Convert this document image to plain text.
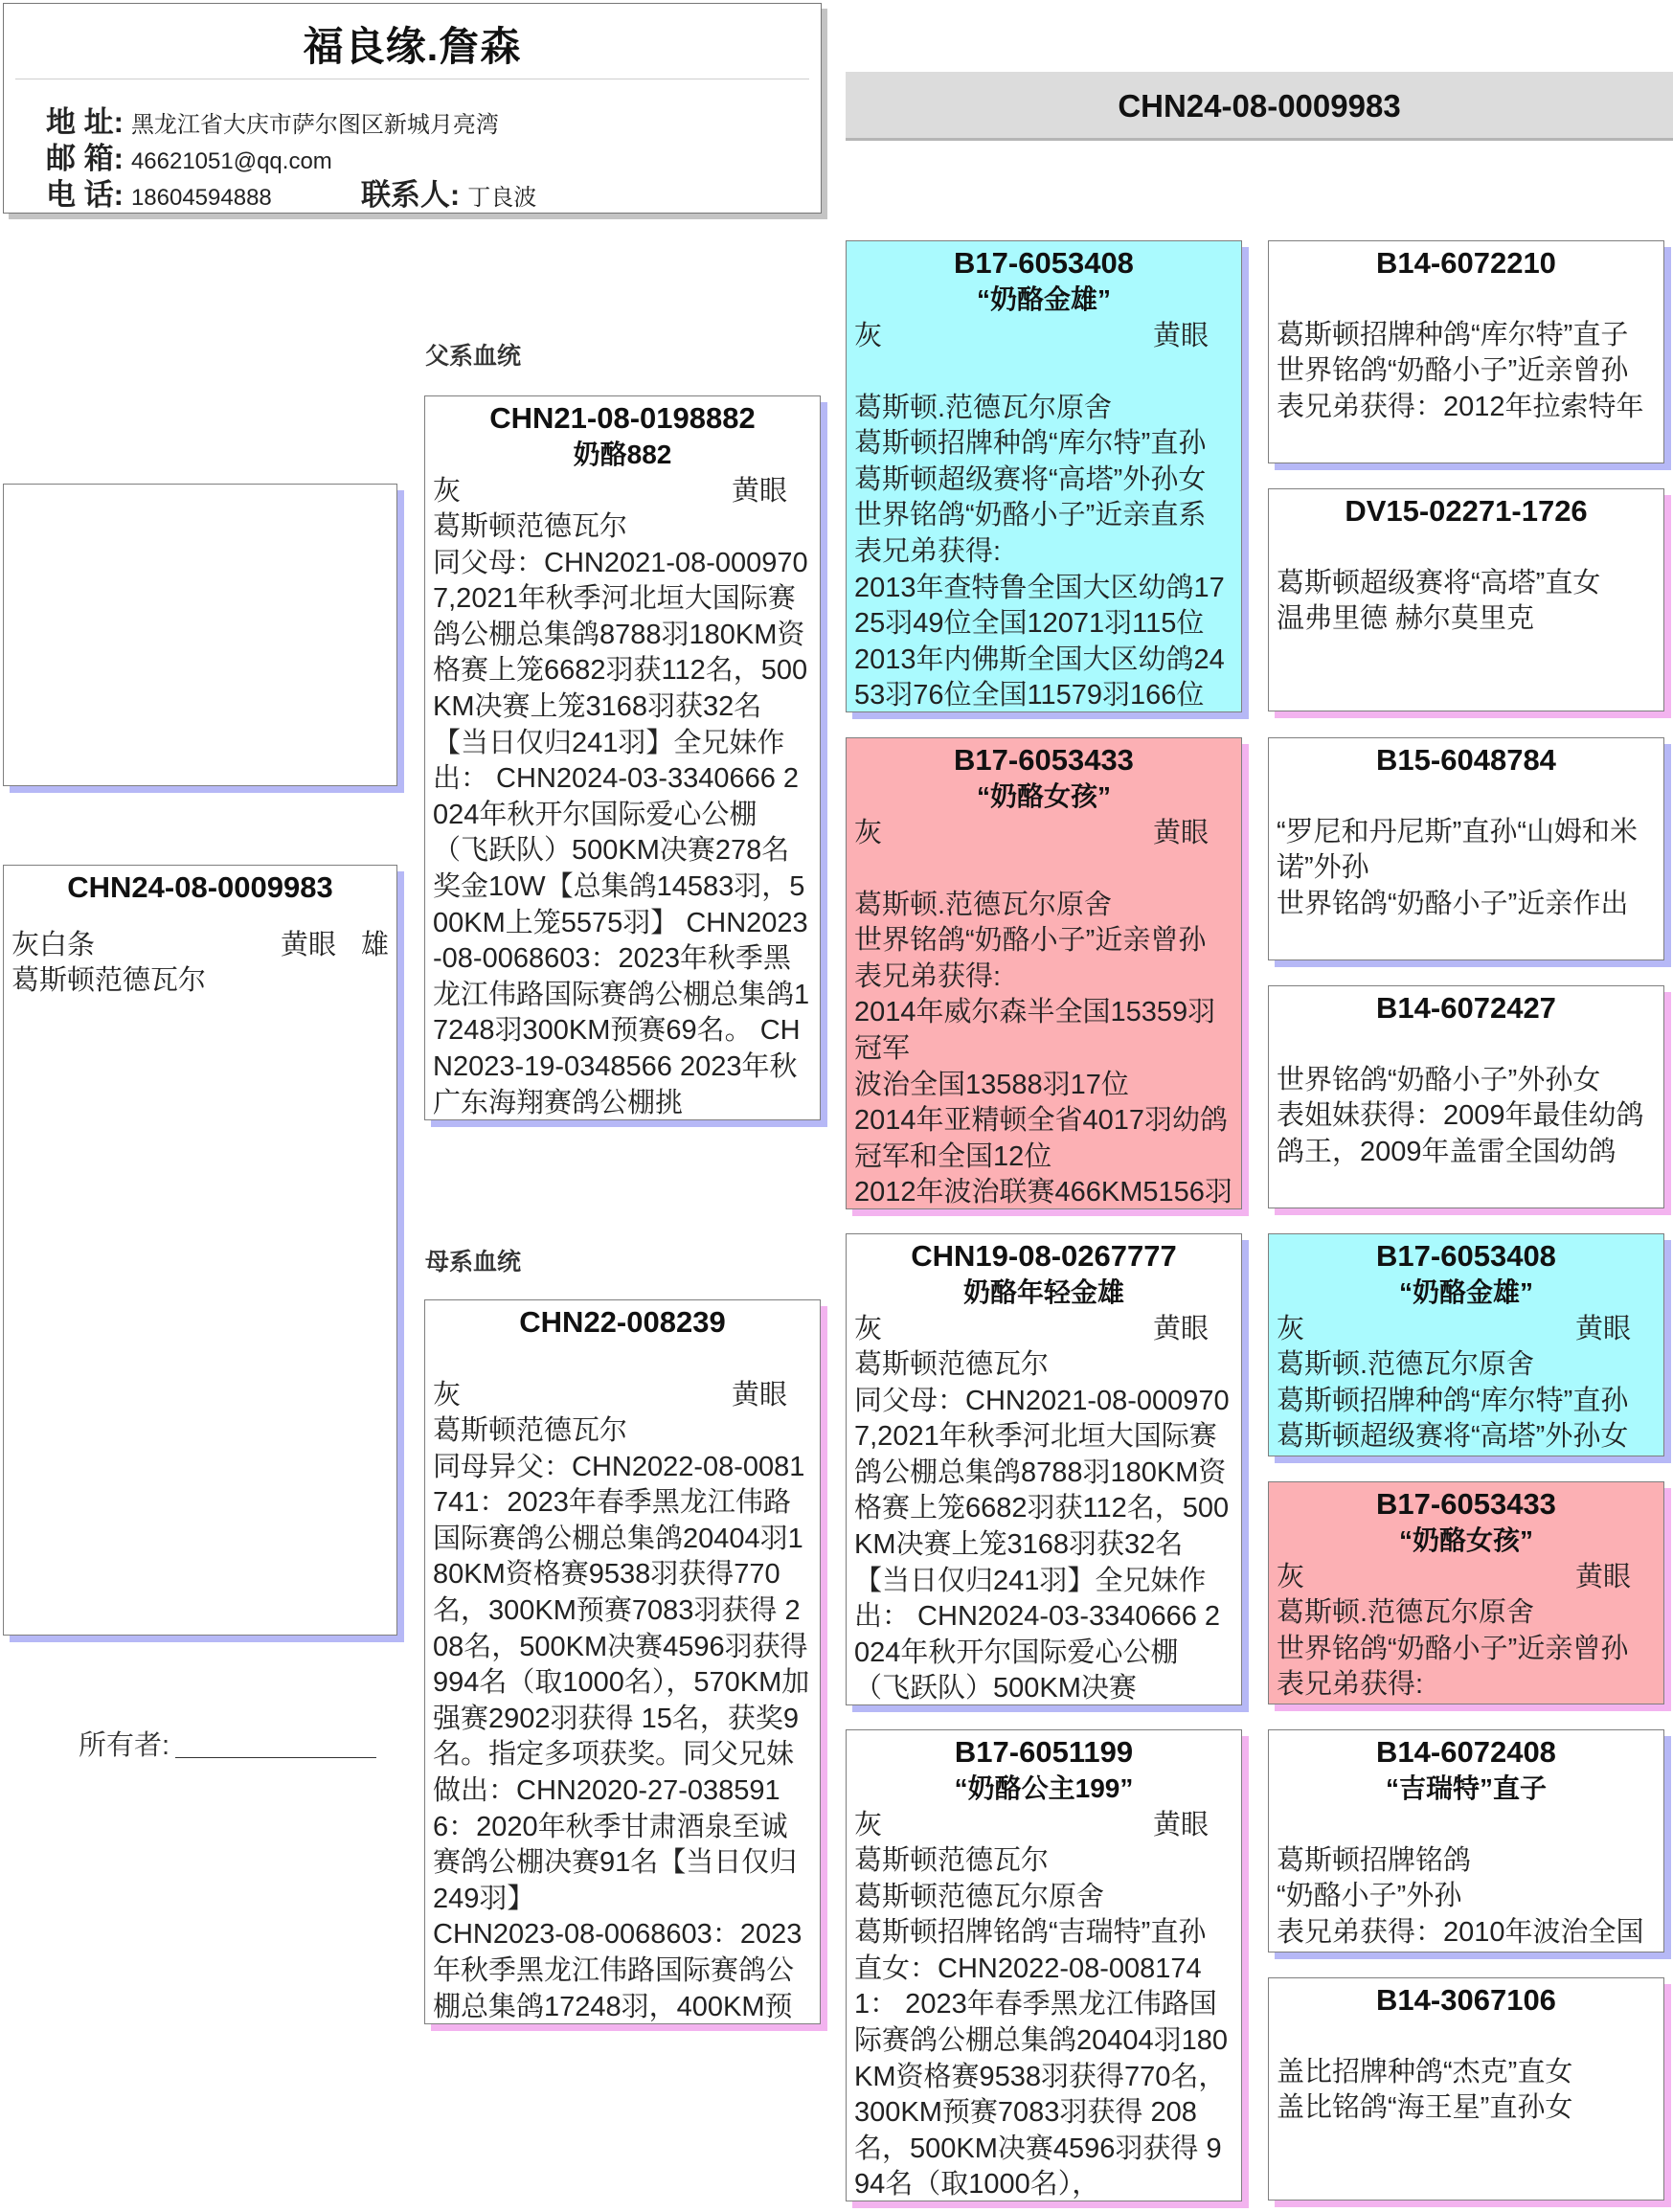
福良缘.詹森
地 址: 黑龙江省大庆市萨尔图区新城月亮湾
邮 箱: 46621051@qq.com
电 话: 18604594888	联系人: 丁良波
CHN24-08-0009983
CHN24-08-0009983
灰白条	黄眼 雄
葛斯顿范德瓦尔
所有者:
父系血统
母系血统
CHN21-08-0198882
奶酪882
灰	黄眼
葛斯顿范德瓦尔
同父母：CHN2021-08-0009707,2021年秋季河北垣大国际赛鸽公棚总集鸽8788羽180KM资格赛上笼6682羽获112名，500KM决赛上笼3168羽获32名【当日仅归241羽】全兄妹作出： CHN2024-03-3340666 2024年秋开尔国际爱心公棚（飞跃队）500KM决赛278名奖金10W【总集鸽14583羽，500KM上笼5575羽】 CHN2023-08-0068603：2023年秋季黑龙江伟路国际赛鸽公棚总集鸽17248羽300KM预赛69名。 CHN2023-19-0348566 2023年秋广东海翔赛鸽公棚挑
CHN22-008239
灰	黄眼
葛斯顿范德瓦尔
同母异父：CHN2022-08-0081741：2023年春季黑龙江伟路国际赛鸽公棚总集鸽20404羽180KM资格赛9538羽获得770名，300KM预赛7083羽获得 208名，500KM决赛4596羽获得 994名（取1000名），570KM加强赛2902羽获得 15名，获奖9名。指定多项获奖。同父兄妹做出：CHN2020-27-0385916：2020年秋季甘肃酒泉至诚赛鸽公棚决赛91名【当日仅归249羽】
CHN2023-08-0068603：2023年秋季黑龙江伟路国际赛鸽公棚总集鸽17248羽，400KM预
B17-6053408
“奶酪金雄”
灰	黄眼

葛斯顿.范德瓦尔原舍
葛斯顿招牌种鸽“库尔特”直孙
葛斯顿超级赛将“高塔”外孙女
世界铭鸽“奶酪小子”近亲直系
表兄弟获得:
2013年查特鲁全国大区幼鸽1725羽49位全国12071羽115位
2013年内佛斯全国大区幼鸽2453羽76位全国11579羽166位
B17-6053433
“奶酪女孩”
灰	黄眼

葛斯顿.范德瓦尔原舍
世界铭鸽“奶酪小子”近亲曾孙
表兄弟获得:
2014年威尔森半全国15359羽冠军
波治全国13588羽17位
2014年亚精顿全省4017羽幼鸽冠军和全国12位
2012年波治联赛466KM5156羽
CHN19-08-0267777
奶酪年轻金雄
灰	黄眼
葛斯顿范德瓦尔
同父母：CHN2021-08-0009707,2021年秋季河北垣大国际赛鸽公棚总集鸽8788羽180KM资格赛上笼6682羽获112名，500KM决赛上笼3168羽获32名【当日仅归241羽】全兄妹作出： CHN2024-03-3340666 2024年秋开尔国际爱心公棚（飞跃队）500KM决赛
B17-6051199
“奶酪公主199”
灰	黄眼
葛斯顿范德瓦尔
葛斯顿范德瓦尔原舍
葛斯顿招牌铭鸽“吉瑞特”直孙
直女：CHN2022-08-0081741： 2023年春季黑龙江伟路国际赛鸽公棚总集鸽20404羽180KM资格赛9538羽获得770名，300KM预赛7083羽获得 208名，500KM决赛4596羽获得 994名（取1000名），
B14-6072210

葛斯顿招牌种鸽“库尔特”直子
世界铭鸽“奶酪小子”近亲曾孙
表兄弟获得：2012年拉索特年
DV15-02271-1726

葛斯顿超级赛将“高塔”直女
温弗里德 赫尔莫里克
B15-6048784

“罗尼和丹尼斯”直孙“山姆和米诺”外孙
世界铭鸽“奶酪小子”近亲作出
B14-6072427

世界铭鸽“奶酪小子”外孙女
表姐妹获得：2009年最佳幼鸽鸽王，2009年盖雷全国幼鸽
B17-6053408
“奶酪金雄”
灰	黄眼
葛斯顿.范德瓦尔原舍
葛斯顿招牌种鸽“库尔特”直孙
葛斯顿超级赛将“高塔”外孙女
B17-6053433
“奶酪女孩”
灰	黄眼
葛斯顿.范德瓦尔原舍
世界铭鸽“奶酪小子”近亲曾孙
表兄弟获得:
B14-6072408
“吉瑞特”直子

葛斯顿招牌铭鸽
“奶酪小子”外孙
表兄弟获得：2010年波治全国
B14-3067106

盖比招牌种鸽“杰克”直女
盖比铭鸽“海王星”直孙女
